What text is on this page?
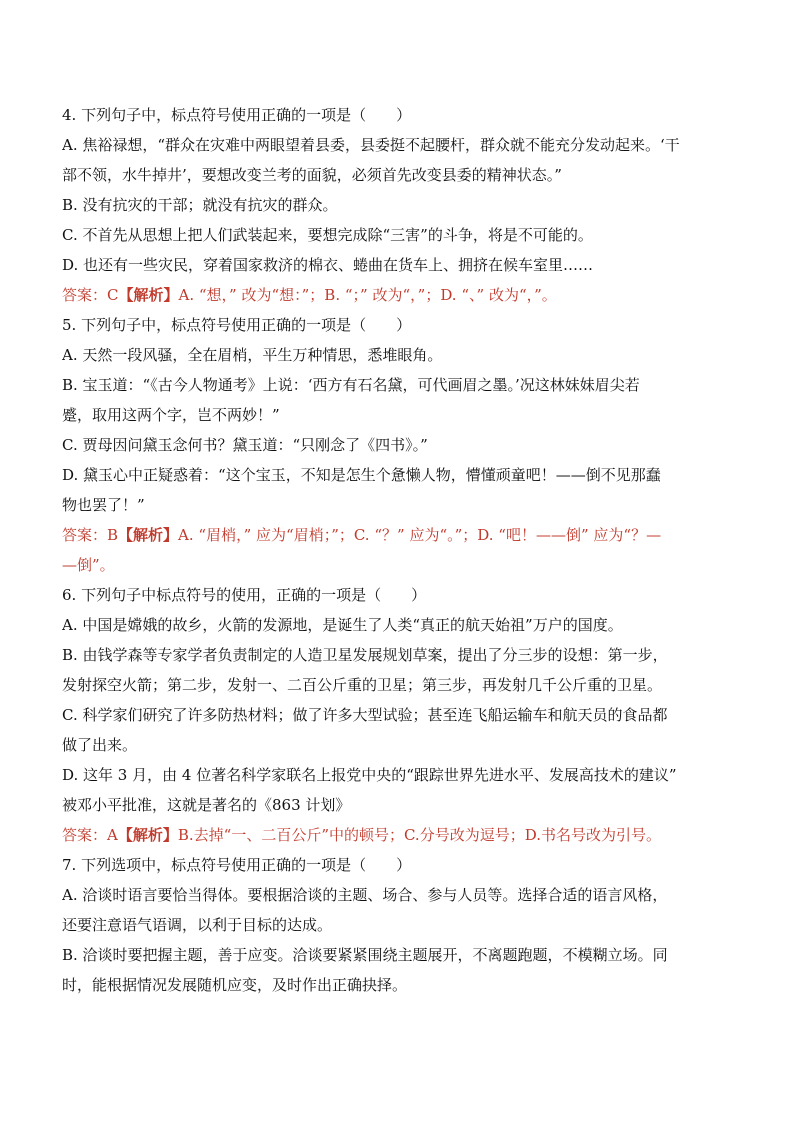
4. 下列句子中，标点符号使用正确的一项是（　　）
A. 焦裕禄想，“群众在灾难中两眼望着县委，县委挺不起腰杆，群众就不能充分发动起来。‘干
部不领，水牛掉井’，要想改变兰考的面貌，必须首先改变县委的精神状态。”
B. 没有抗灾的干部；就没有抗灾的群众。
C. 不首先从思想上把人们武装起来，要想完成除“三害”的斗争，将是不可能的。
D. 也还有一些灾民，穿着国家救济的棉衣、蜷曲在货车上、拥挤在候车室里……
答案：C【解析】A. “想，” 改为“想：”；B. “；” 改为“，”；D. “、” 改为“，”。
5. 下列句子中，标点符号使用正确的一项是（　　）
A. 天然一段风骚，全在眉梢，平生万种情思，悉堆眼角。
B. 宝玉道：“《古今人物通考》上说：‘西方有石名黛，可代画眉之墨。’况这林妹妹眉尖若
蹙，取用这两个字，岂不两妙！”
C. 贾母因问黛玉念何书？黛玉道：“只刚念了《四书》。”
D. 黛玉心中正疑惑着：“这个宝玉，不知是怎生个惫懒人物，懵懂顽童吧！——倒不见那蠢
物也罢了！”
答案：B【解析】A. “眉梢，” 应为“眉梢；”；C. “？” 应为“。”；D. “吧！——倒” 应为“？—
—倒”。
6. 下列句子中标点符号的使用，正确的一项是（　　）
A. 中国是嫦娥的故乡，火箭的发源地，是诞生了人类“真正的航天始祖”万户的国度。
B. 由钱学森等专家学者负责制定的人造卫星发展规划草案，提出了分三步的设想：第一步，
发射探空火箭；第二步，发射一、二百公斤重的卫星；第三步，再发射几千公斤重的卫星。
C. 科学家们研究了许多防热材料；做了许多大型试验；甚至连飞船运输车和航天员的食品都
做了出来。
D. 这年 3 月，由 4 位著名科学家联名上报党中央的“跟踪世界先进水平、发展高技术的建议”
被邓小平批准，这就是著名的《863 计划》
答案：A【解析】B.去掉“一、二百公斤”中的顿号；C.分号改为逗号；D.书名号改为引号。
7. 下列选项中，标点符号使用正确的一项是（　　）
A. 洽谈时语言要恰当得体。要根据洽谈的主题、场合、参与人员等。选择合适的语言风格，
还要注意语气语调，以利于目标的达成。
B. 洽谈时要把握主题，善于应变。洽谈要紧紧围绕主题展开，不离题跑题，不模糊立场。同
时，能根据情况发展随机应变，及时作出正确抉择。
